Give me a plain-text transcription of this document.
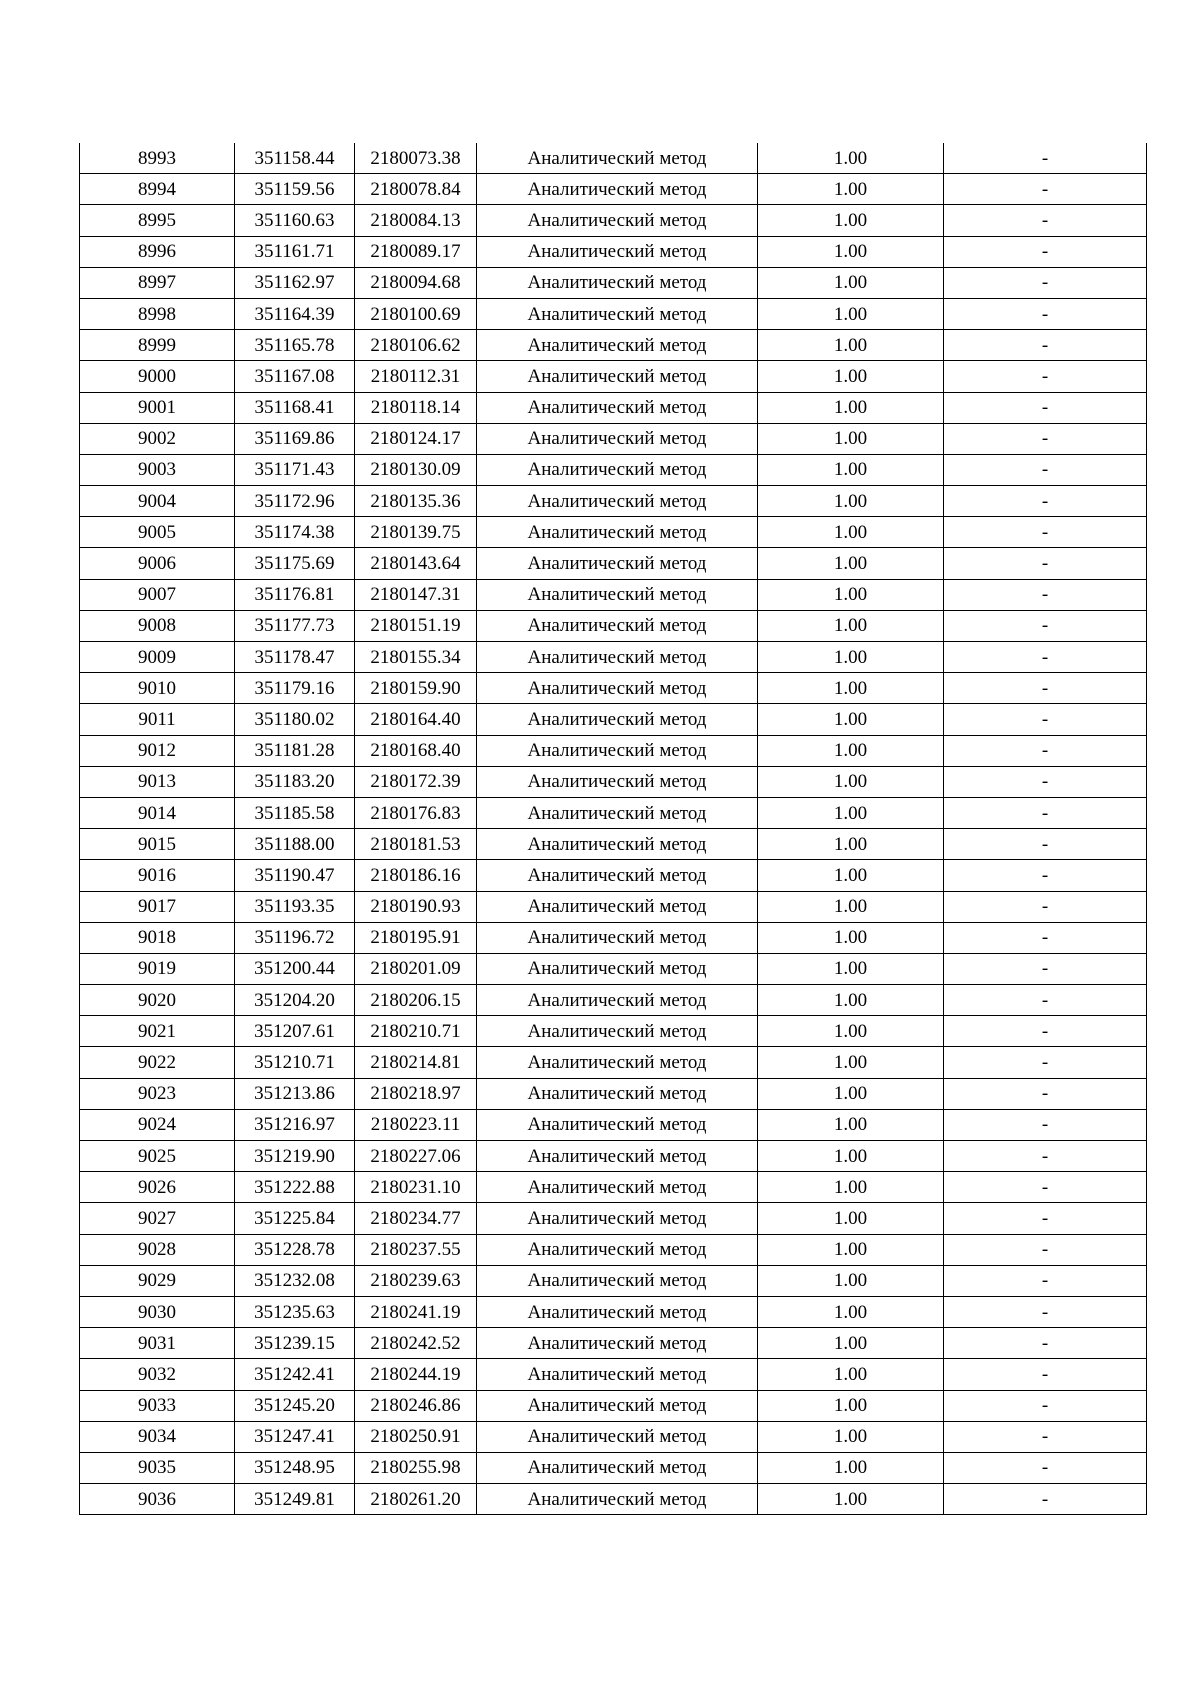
8993	351158.44	2180073.38	Аналитический метод	1.00	-
8994	351159.56	2180078.84	Аналитический метод	1.00	-
8995	351160.63	2180084.13	Аналитический метод	1.00	-
8996	351161.71	2180089.17	Аналитический метод	1.00	-
8997	351162.97	2180094.68	Аналитический метод	1.00	-
8998	351164.39	2180100.69	Аналитический метод	1.00	-
8999	351165.78	2180106.62	Аналитический метод	1.00	-
9000	351167.08	2180112.31	Аналитический метод	1.00	-
9001	351168.41	2180118.14	Аналитический метод	1.00	-
9002	351169.86	2180124.17	Аналитический метод	1.00	-
9003	351171.43	2180130.09	Аналитический метод	1.00	-
9004	351172.96	2180135.36	Аналитический метод	1.00	-
9005	351174.38	2180139.75	Аналитический метод	1.00	-
9006	351175.69	2180143.64	Аналитический метод	1.00	-
9007	351176.81	2180147.31	Аналитический метод	1.00	-
9008	351177.73	2180151.19	Аналитический метод	1.00	-
9009	351178.47	2180155.34	Аналитический метод	1.00	-
9010	351179.16	2180159.90	Аналитический метод	1.00	-
9011	351180.02	2180164.40	Аналитический метод	1.00	-
9012	351181.28	2180168.40	Аналитический метод	1.00	-
9013	351183.20	2180172.39	Аналитический метод	1.00	-
9014	351185.58	2180176.83	Аналитический метод	1.00	-
9015	351188.00	2180181.53	Аналитический метод	1.00	-
9016	351190.47	2180186.16	Аналитический метод	1.00	-
9017	351193.35	2180190.93	Аналитический метод	1.00	-
9018	351196.72	2180195.91	Аналитический метод	1.00	-
9019	351200.44	2180201.09	Аналитический метод	1.00	-
9020	351204.20	2180206.15	Аналитический метод	1.00	-
9021	351207.61	2180210.71	Аналитический метод	1.00	-
9022	351210.71	2180214.81	Аналитический метод	1.00	-
9023	351213.86	2180218.97	Аналитический метод	1.00	-
9024	351216.97	2180223.11	Аналитический метод	1.00	-
9025	351219.90	2180227.06	Аналитический метод	1.00	-
9026	351222.88	2180231.10	Аналитический метод	1.00	-
9027	351225.84	2180234.77	Аналитический метод	1.00	-
9028	351228.78	2180237.55	Аналитический метод	1.00	-
9029	351232.08	2180239.63	Аналитический метод	1.00	-
9030	351235.63	2180241.19	Аналитический метод	1.00	-
9031	351239.15	2180242.52	Аналитический метод	1.00	-
9032	351242.41	2180244.19	Аналитический метод	1.00	-
9033	351245.20	2180246.86	Аналитический метод	1.00	-
9034	351247.41	2180250.91	Аналитический метод	1.00	-
9035	351248.95	2180255.98	Аналитический метод	1.00	-
9036	351249.81	2180261.20	Аналитический метод	1.00	-
